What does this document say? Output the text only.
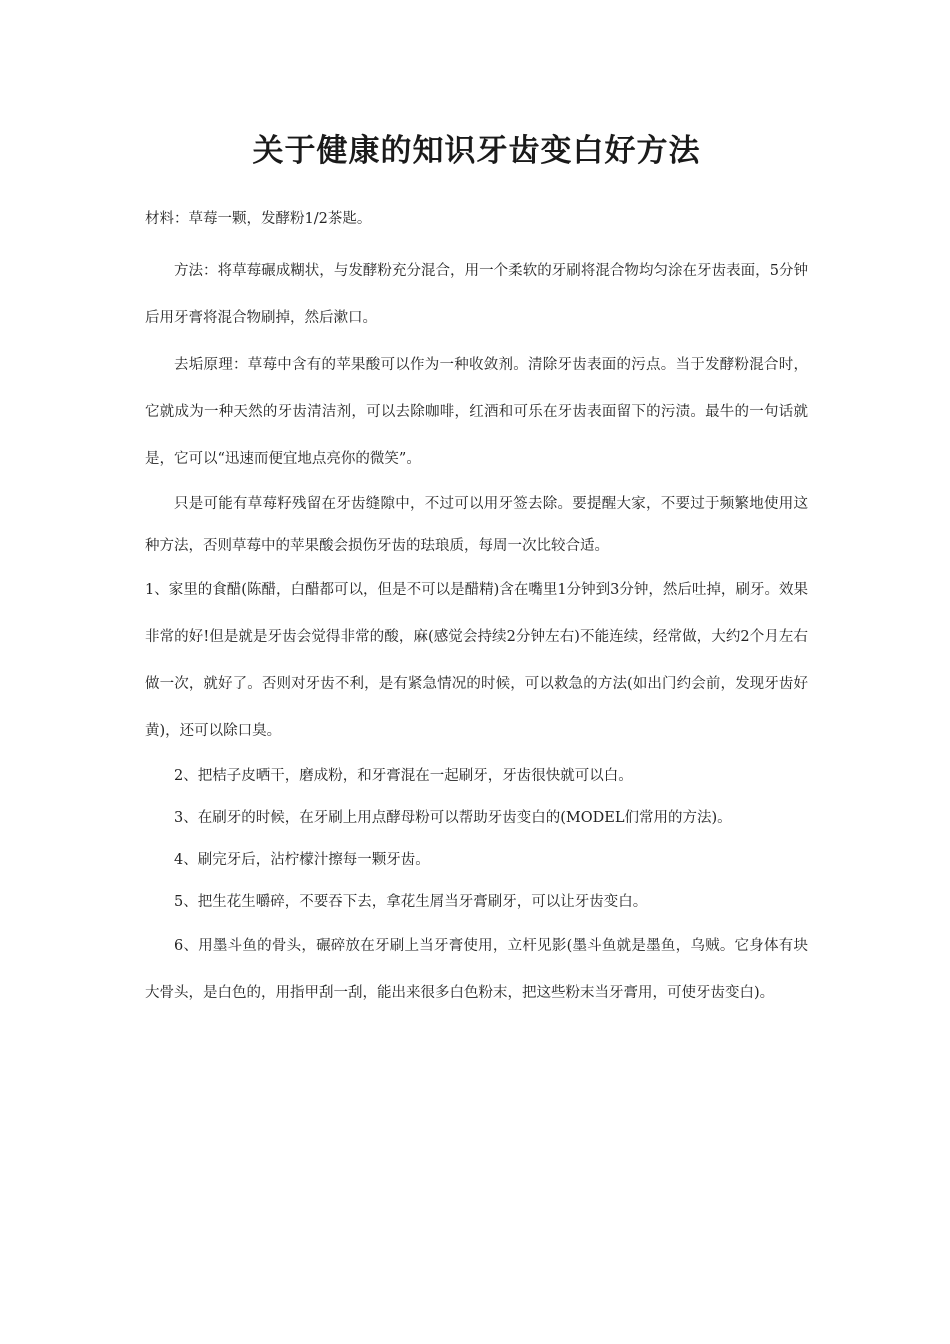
关于健康的知识牙齿变白好方法

材料：草莓一颗，发酵粉1/2茶匙。

方法：将草莓碾成糊状，与发酵粉充分混合，用一个柔软的牙刷将混合物均匀涂在牙齿表面，5分钟后用牙膏将混合物刷掉，然后漱口。

去垢原理：草莓中含有的苹果酸可以作为一种收敛剂。清除牙齿表面的污点。当于发酵粉混合时，它就成为一种天然的牙齿清洁剂，可以去除咖啡，红酒和可乐在牙齿表面留下的污渍。最牛的一句话就是，它可以“迅速而便宜地点亮你的微笑”。

只是可能有草莓籽残留在牙齿缝隙中，不过可以用牙签去除。要提醒大家，不要过于频繁地使用这种方法，否则草莓中的苹果酸会损伤牙齿的珐琅质，每周一次比较合适。

1、家里的食醋(陈醋，白醋都可以，但是不可以是醋精)含在嘴里1分钟到3分钟，然后吐掉，刷牙。效果非常的好!但是就是牙齿会觉得非常的酸，麻(感觉会持续2分钟左右)不能连续，经常做，大约2个月左右做一次，就好了。否则对牙齿不利，是有紧急情况的时候，可以救急的方法(如出门约会前，发现牙齿好黄)，还可以除口臭。

2、把桔子皮晒干，磨成粉，和牙膏混在一起刷牙，牙齿很快就可以白。

3、在刷牙的时候，在牙刷上用点酵母粉可以帮助牙齿变白的(MODEL们常用的方法)。

4、刷完牙后，沾柠檬汁擦每一颗牙齿。

5、把生花生嚼碎，不要吞下去，拿花生屑当牙膏刷牙，可以让牙齿变白。

6、用墨斗鱼的骨头，碾碎放在牙刷上当牙膏使用，立杆见影(墨斗鱼就是墨鱼，乌贼。它身体有块大骨头，是白色的，用指甲刮一刮，能出来很多白色粉末，把这些粉末当牙膏用，可使牙齿变白)。
